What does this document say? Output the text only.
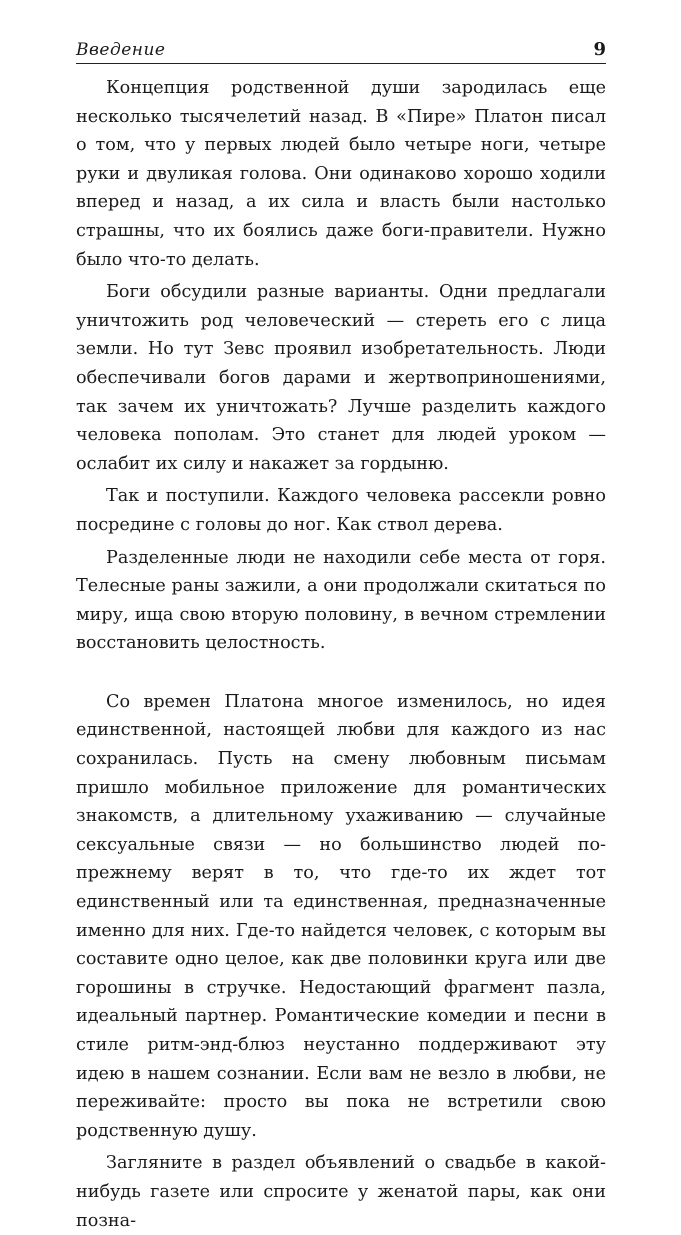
Введение	9

Концепция родственной души зародилась еще несколько тысячелетий назад. В «Пире» Платон писал о том, что у первых людей было четыре ноги, четыре руки и двуликая голова. Они одинаково хорошо ходили вперед и назад, а их сила и власть были настолько страшны, что их боялись даже боги-правители. Нужно было что-то делать.

Боги обсудили разные варианты. Одни предлагали уничтожить род человеческий — стереть его с лица земли. Но тут Зевс проявил изобретательность. Люди обеспечивали богов дарами и жертвоприношениями, так зачем их уничтожать? Лучше разделить каждого человека пополам. Это станет для людей уроком — ослабит их силу и накажет за гордыню.

Так и поступили. Каждого человека рассекли ровно посредине с головы до ног. Как ствол дерева.

Разделенные люди не находили себе места от горя. Телесные раны зажили, а они продолжали скитаться по миру, ища свою вторую половину, в вечном стремлении восстановить целостность.

Со времен Платона многое изменилось, но идея единственной, настоящей любви для каждого из нас сохранилась. Пусть на смену любовным письмам пришло мобильное приложение для романтических знакомств, а длительному ухаживанию — случайные сексуальные связи — но большинство людей по-прежнему верят в то, что где-то их ждет тот единственный или та единственная, предназначенные именно для них. Где-то найдется человек, с которым вы составите одно целое, как две половинки круга или две горошины в стручке. Недостающий фрагмент пазла, идеальный партнер. Романтические комедии и песни в стиле ритм-энд-блюз неустанно поддерживают эту идею в нашем сознании. Если вам не везло в любви, не переживайте: просто вы пока не встретили свою родственную душу.

Загляните в раздел объявлений о свадьбе в какой-нибудь газете или спросите у женатой пары, как они позна-
